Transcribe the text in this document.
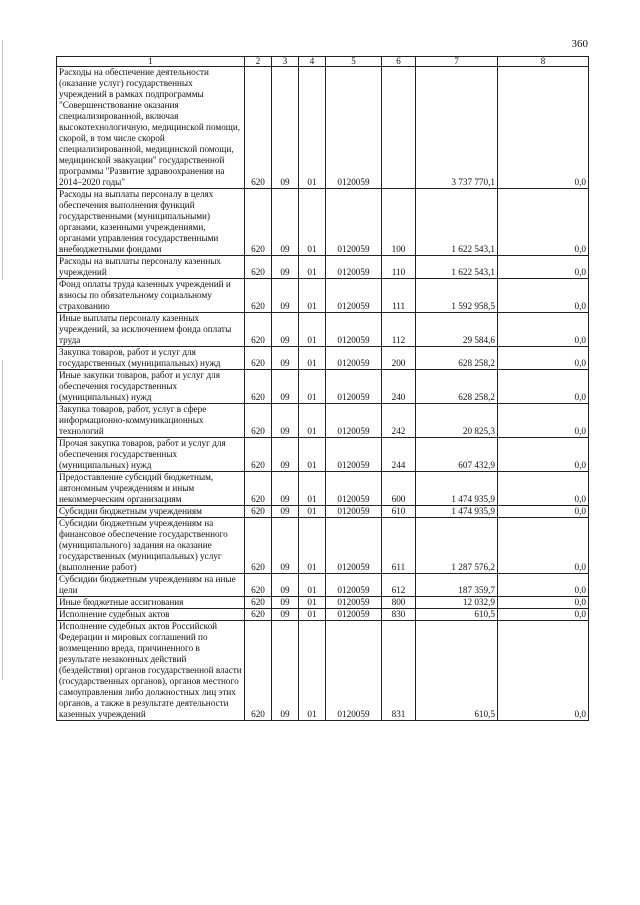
360
1	2	3	4	5	6	7	8
Расходы на обеспечение деятельности (оказание услуг) государственных учреждений в рамках подпрограммы "Совершенствование оказания специализированной, включая высокотехнологичную, медицинской помощи, скорой, в том числе скорой специализированной, медицинской помощи, медицинской эвакуации" государственной программы "Развитие здравоохранения на 2014–2020 годы"	620	09	01	0120059		3 737 770,1	0,0
Расходы на выплаты персоналу в целях обеспечения выполнения функций государственными (муниципальными) органами, казенными учреждениями, органами управления государственными внебюджетными фондами	620	09	01	0120059	100	1 622 543,1	0,0
Расходы на выплаты персоналу казенных учреждений	620	09	01	0120059	110	1 622 543,1	0,0
Фонд оплаты труда казенных учреждений и взносы по обязательному социальному страхованию	620	09	01	0120059	111	1 592 958,5	0,0
Иные выплаты персоналу казенных учреждений, за исключением фонда оплаты труда	620	09	01	0120059	112	29 584,6	0,0
Закупка товаров, работ и услуг для государственных (муниципальных) нужд	620	09	01	0120059	200	628 258,2	0,0
Иные закупки товаров, работ и услуг для обеспечения государственных (муниципальных) нужд	620	09	01	0120059	240	628 258,2	0,0
Закупка товаров, работ, услуг в сфере информационно-коммуникационных технологий	620	09	01	0120059	242	20 825,3	0,0
Прочая закупка товаров, работ и услуг для обеспечения государственных (муниципальных) нужд	620	09	01	0120059	244	607 432,9	0,0
Предоставление субсидий бюджетным, автономным учреждениям и иным некоммерческим организациям	620	09	01	0120059	600	1 474 935,9	0,0
Субсидии бюджетным учреждениям	620	09	01	0120059	610	1 474 935,9	0,0
Субсидии бюджетным учреждениям на финансовое обеспечение государственного (муниципального) задания на оказание государственных (муниципальных) услуг (выполнение работ)	620	09	01	0120059	611	1 287 576,2	0,0
Субсидии бюджетным учреждениям на иные цели	620	09	01	0120059	612	187 359,7	0,0
Иные бюджетные ассигнования	620	09	01	0120059	800	12 032,9	0,0
Исполнение судебных актов	620	09	01	0120059	830	610,5	0,0
Исполнение судебных актов Российской Федерации и мировых соглашений по возмещению вреда, причиненного в результате незаконных действий (бездействия) органов государственной власти (государственных органов), органов местного самоуправления либо должностных лиц этих органов, а также в результате деятельности казенных учреждений	620	09	01	0120059	831	610,5	0,0
